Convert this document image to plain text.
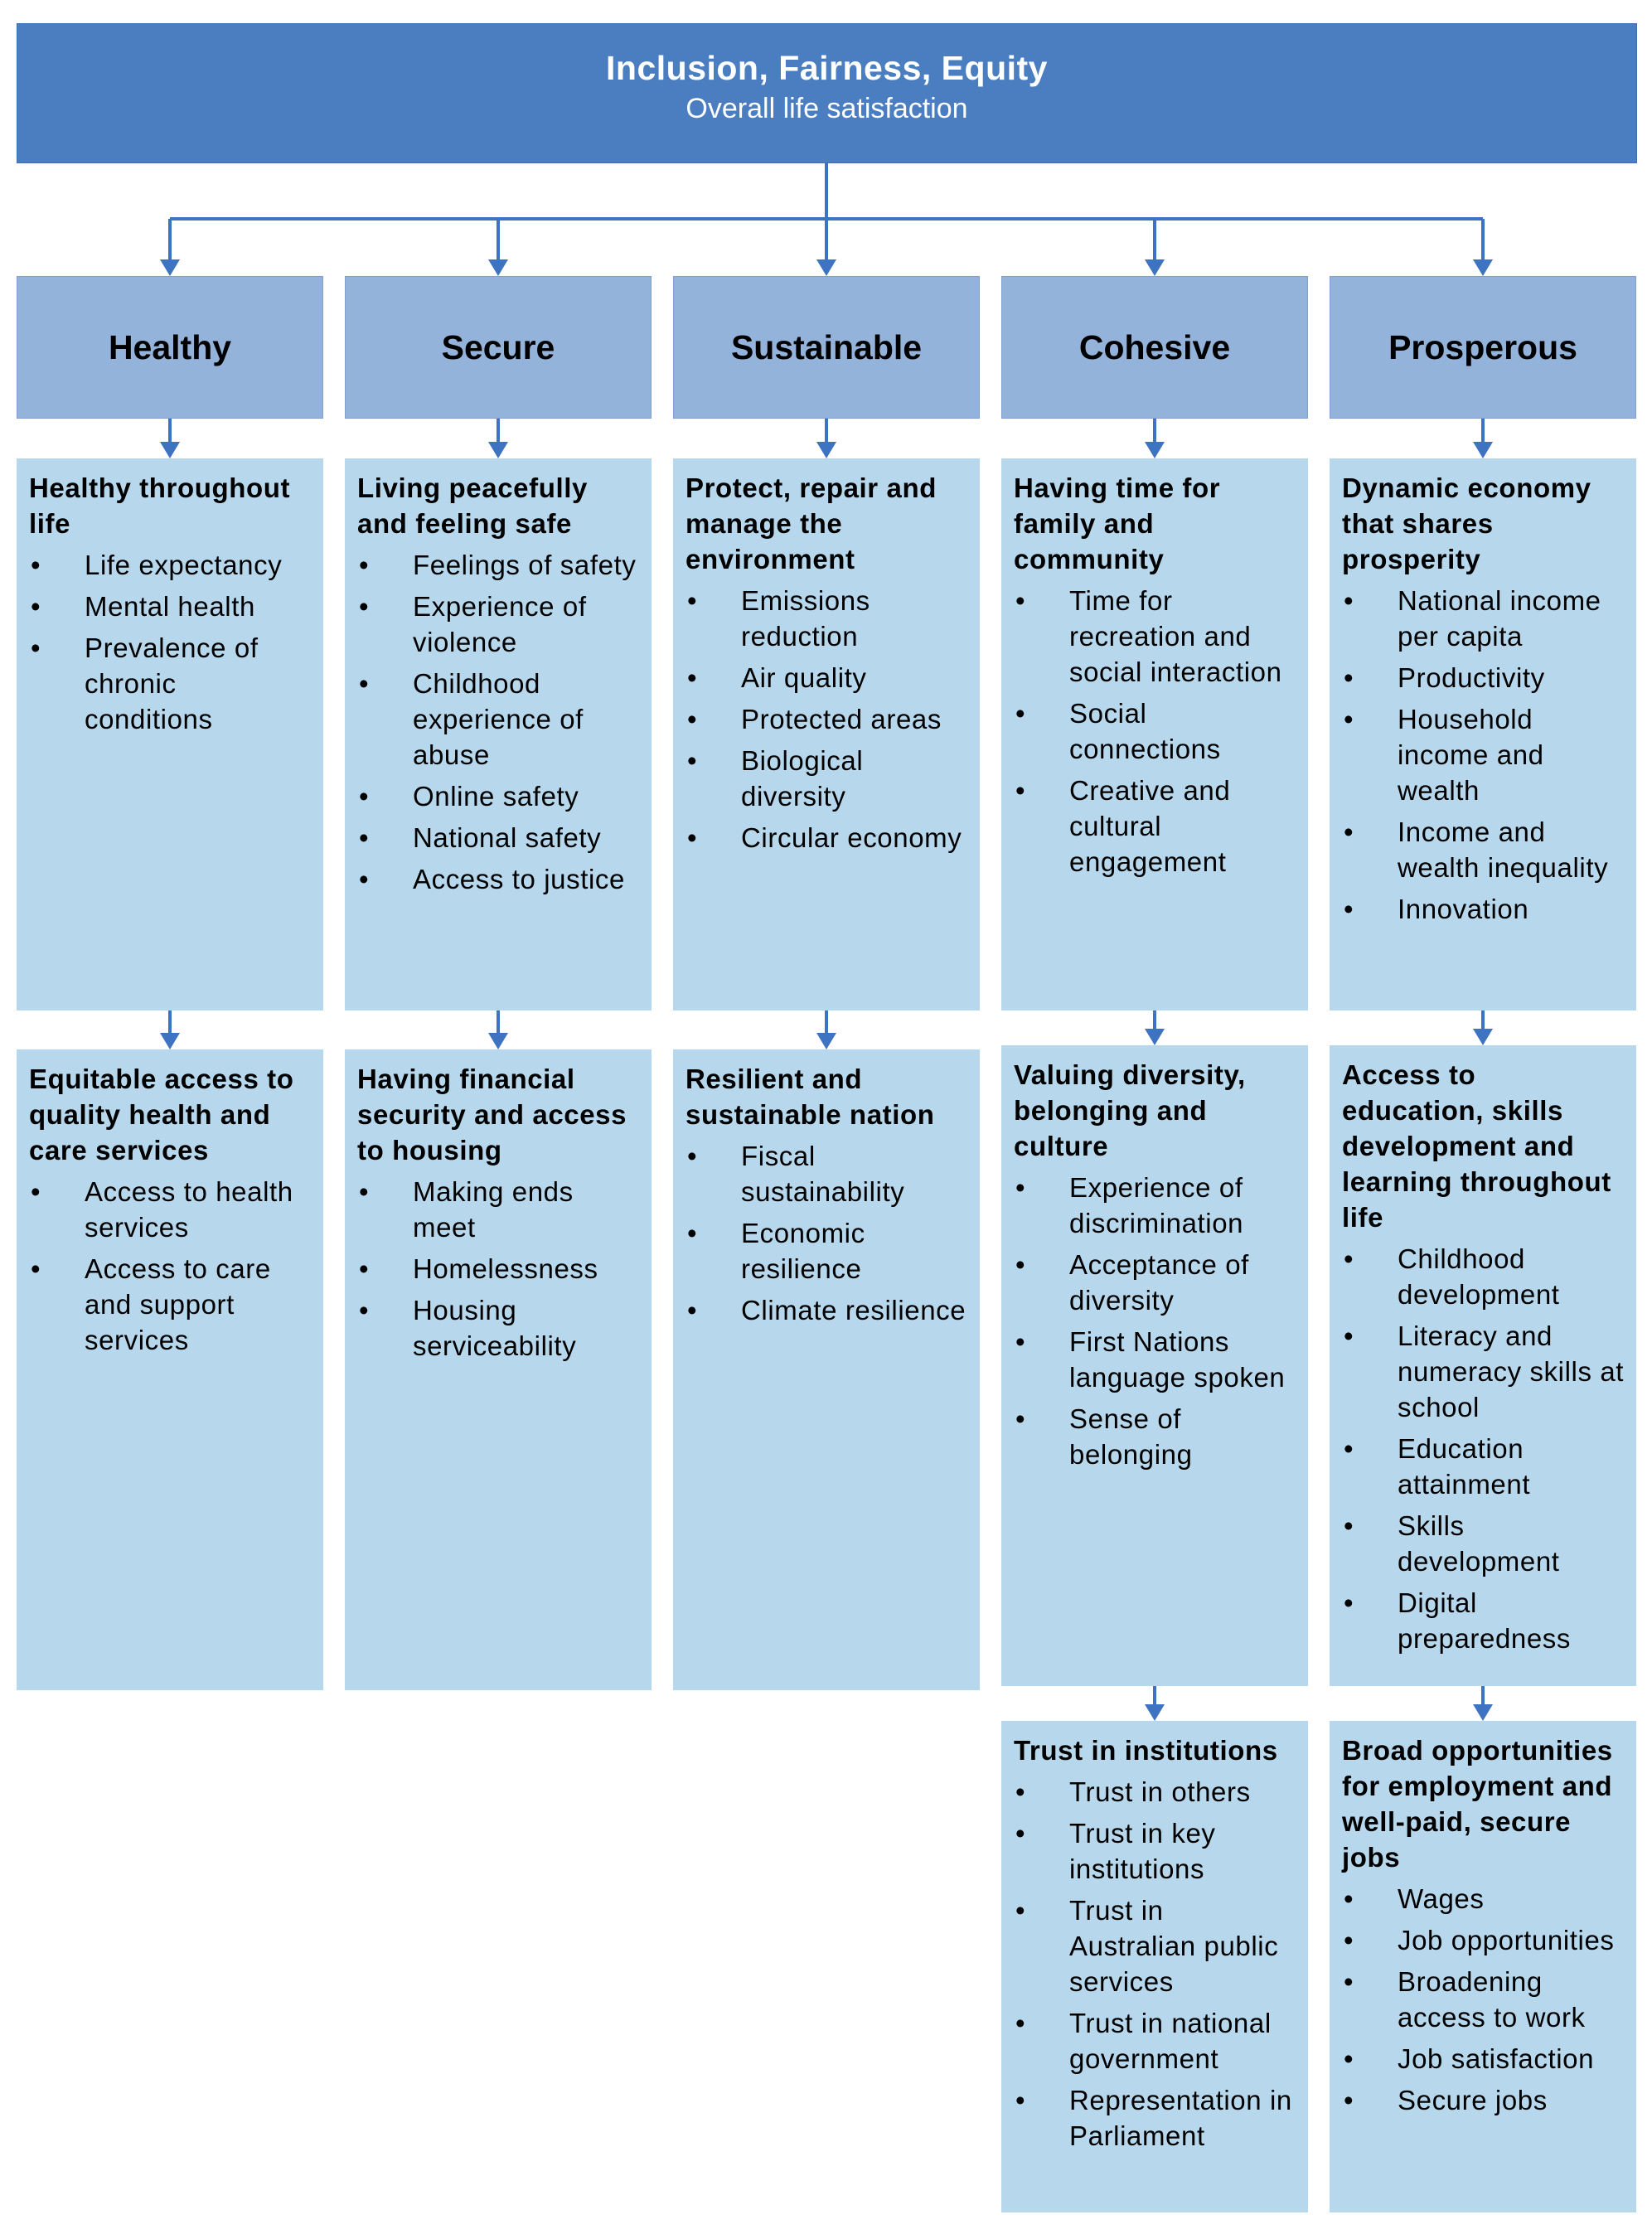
Inclusion, Fairness, Equity
Overall life satisfaction
Healthy	Secure	Sustainable	Cohesive	Prosperous
Healthy throughout life
• Life expectancy
• Mental health
• Prevalence of chronic conditions
Equitable access to quality health and care services
• Access to health services
• Access to care and support services
Living peacefully and feeling safe
• Feelings of safety
• Experience of violence
• Childhood experience of abuse
• Online safety
• National safety
• Access to justice
Having financial security and access to housing
• Making ends meet
• Homelessness
• Housing serviceability
Protect, repair and manage the environment
• Emissions reduction
• Air quality
• Protected areas
• Biological diversity
• Circular economy
Resilient and sustainable nation
• Fiscal sustainability
• Economic resilience
• Climate resilience
Having time for family and community
• Time for recreation and social interaction
• Social connections
• Creative and cultural engagement
Valuing diversity, belonging and culture
• Experience of discrimination
• Acceptance of diversity
• First Nations language spoken
• Sense of belonging
Trust in institutions
• Trust in others
• Trust in key institutions
• Trust in Australian public services
• Trust in national government
• Representation in Parliament
Dynamic economy that shares prosperity
• National income per capita
• Productivity
• Household income and wealth
• Income and wealth inequality
• Innovation
Access to education, skills development and learning throughout life
• Childhood development
• Literacy and numeracy skills at school
• Education attainment
• Skills development
• Digital preparedness
Broad opportunities for employment and well-paid, secure jobs
• Wages
• Job opportunities
• Broadening access to work
• Job satisfaction
• Secure jobs
